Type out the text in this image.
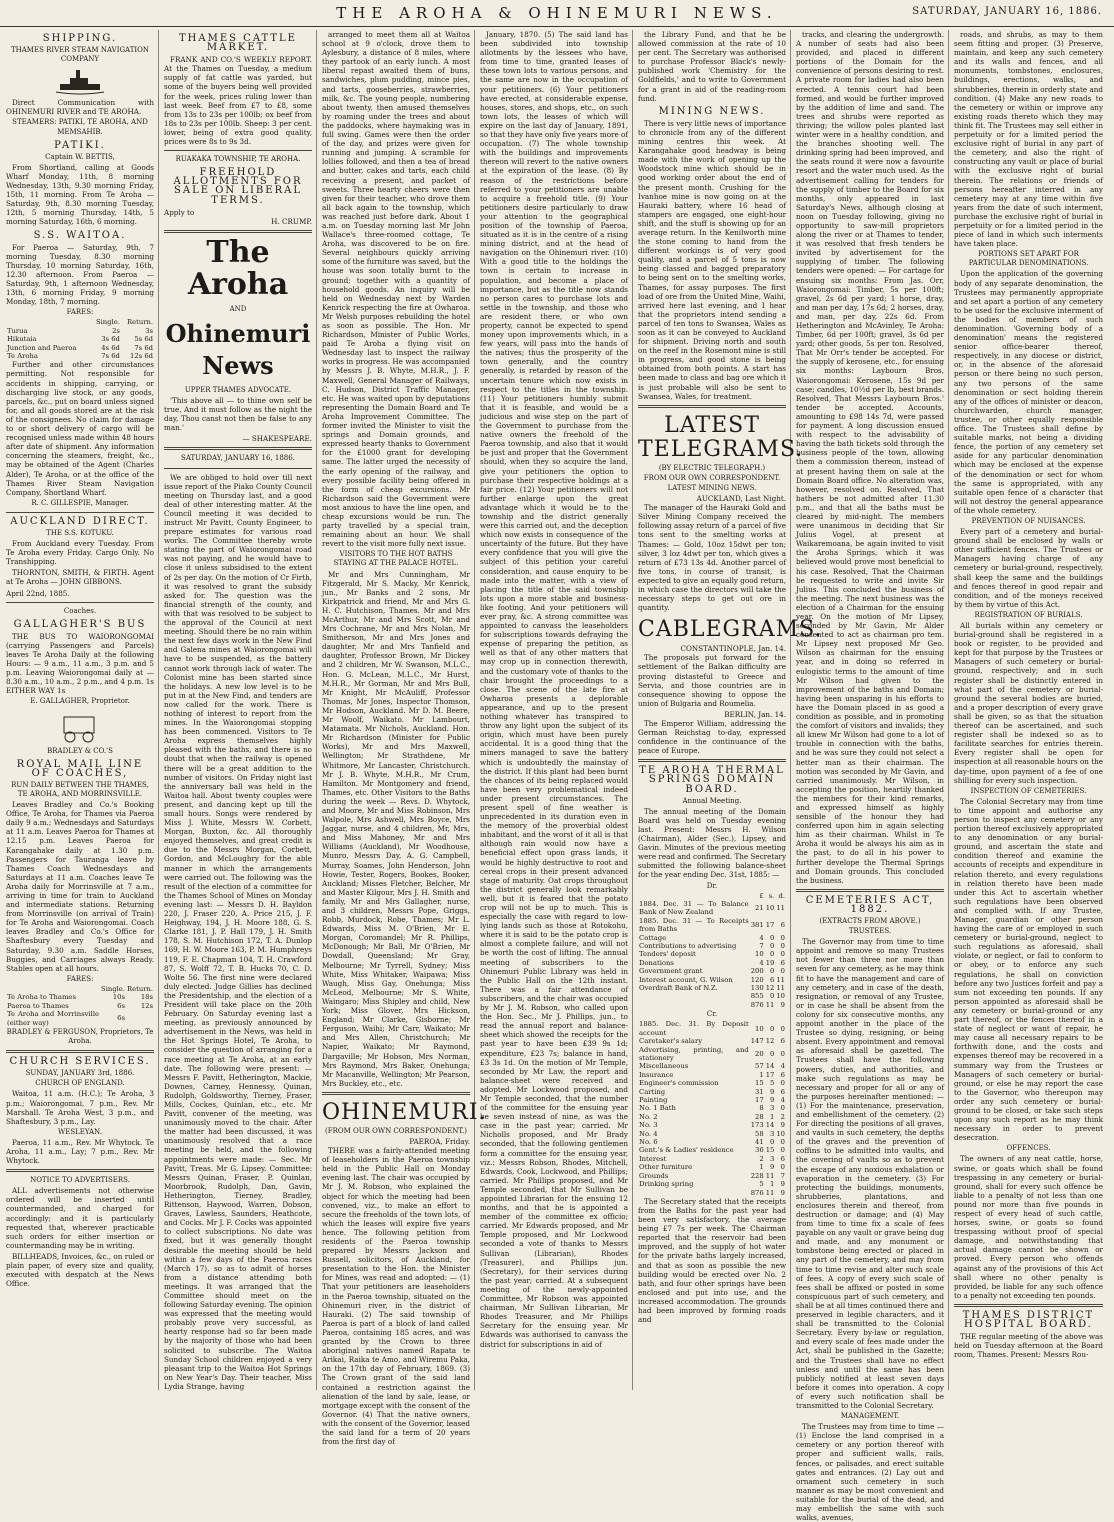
THE AROHA & OHINEMURI NEWS.	SATURDAY, JANUARY 16, 1886.
SHIPPING.
THAMES RIVER STEAM NAVIGATION COMPANY

Direct Communication with OHINEMURI RIVER and TE AROHA.

STEAMERS: PATIKI, TE AROHA, AND MEMSAHIB.
PATIKI.
Captain W. BETTIS,

From Shortland, calling at Goods Wharf Monday, 11th, 8 morning Wednesday, 13th, 9.30 morning Friday, 15th, 11 morning. From Te Aroha — Saturday, 9th, 8.30 morning Tuesday, 12th, 5 morning Thursday, 14th, 5 morning Saturday, 16th, 6 morning.

S.S. WAITOA.

For Paeroa — Saturday, 9th, 7 morning Tuesday, 8.30 morning Thursday, 10 morning Saturday, 16th, 12.30 afternoon. From Paeroa — Saturday, 9th, 1 afternoon Wednesday, 13th, 6 morning Friday, 9 morning Monday, 18th, 7 morning.

FARES:
	Single.	Return.
Turua	2s	3s
Hikutaia	3s 6d	5s 6d
Junction and Paeroa	4s 6d	7s 6d
Te Aroha	7s 6d	12s 6d

Further and other circumstances permitting. Not responsible for accidents in shipping, carrying, or discharging live stock, or any goods, parcels, &c., put on board unless signed for, and all goods stored are at the risk of the consignees. No claim for damage to or short delivery of cargo will be recognised unless made within 48 hours after date of shipment. Any information concerning the steamers, freight, &c., may be obtained of the Agent (Charles Alder), Te Aroha, or at the office of the Thames River Steam Navigation Company, Shortland Wharf.

R. C. GILLESPIE, Manager.
AUCKLAND DIRECT.
THE S.S. KOTUKU.

From Auckland every Tuesday. From Te Aroha every Friday. Cargo Only. No Transhipping.

THORNTON, SMITH, & FIRTH. Agent at Te Aroha — JOHN GIBBONS.

April 22nd, 1885.
Coaches.
GALLAGHER'S BUS

THE BUS TO WAIORONGOMAI (carrying Passengers and Parcels) leaves Te Aroha Daily at the following Hours: — 9 a.m., 11 a.m., 3 p.m. and 5 p.m. Leaving Waiorongomai daily at — 8.30 a.m., 10 a.m., 2 p.m., and 4 p.m. 1s EITHER WAY 1s

E. GALLAGHER, Proprietor.
BRADLEY & CO.'S
ROYAL MAIL LINE OF COACHES,
RUN DAILY BETWEEN THE THAMES, TE AROHA, AND MORRINSVILLE.

Leaves Bradley and Co.'s Booking Office, Te Aroha, for Thames via Paeroa daily 9 a.m.; Wednesdays and Saturdays at 11 a.m. Leaves Paeroa for Thames at 12.15 p.m. Leaves Paeroa for Karangahake daily at 1.30 p.m. Passengers for Tauranga leave by Thames Coach Wednesdays and Saturdays at 11 a.m. Coaches leave Te Aroha daily for Morrinsville at 7 a.m., arriving in time for train to Auckland and intermediate stations. Returning from Morrinsville (on arrival of Train) for Te Aroha and Waiorongomai. Coach leaves Bradley and Co.'s Office for Shaftesbury every Tuesday and Saturday, 9.30 a.m. Saddle Horses, Buggies, and Carriages always Ready. Stables open at all hours.

FARES:
	Single.	Return.
Te Aroha to Thames	10s	18s
Paeroa to Thames	6s	12s
Te Aroha and Morrinsville (either way)	6s	
BRADLEY & FERGUSON, Proprietors, Te Aroha.
CHURCH SERVICES.
SUNDAY, JANUARY 3rd, 1886.
CHURCH OF ENGLAND.

Waitoa, 11 a.m. (H.C.); Te Aroha, 3 p.m.; Waiorongomai, 7 p.m., Rev. Mr Marshall. Te Aroha West, 3 p.m., and Shaftesbury, 3 p.m., Lay.

WESLEYAN.

Paeroa, 11 a.m., Rev. Mr Whytock. Te Aroha, 11 a.m., Lay; 7 p.m., Rev. Mr Whytock.

NOTICE TO ADVERTISERS.

ALL advertisements not otherwise ordered will be inserted until countermanded, and charged for accordingly; and it is particularly requested that, wherever practicable such orders for either insertion or countermanding may be in writing.

BILLHEADS, Invoices, &c., on ruled or plain paper, of every size and quality, executed with despatch at the News Office.

THAMES CATTLE MARKET.

FRANK AND CO.'S WEEKLY REPORT. At the Thames on Tuesday, a medium supply of fat cattle was yarded, but some of the buyers being well provided for the week, prices ruling lower than last week. Beef from £7 to £8, some from 13s to 23s per 100lb; ox beef from 18s to 23s per 100lb. Sheep: 3 per cent. lower, being of extra good quality, prices were 8s to 9s 3d.

RUAKAKA TOWNSHIP, TE AROHA.
FREEHOLD ALLOTMENTS FOR SALE ON LIBERAL TERMS.
Apply to
H. CRUMP.
The Aroha
AND
Ohinemuri News
UPPER THAMES ADVOCATE.

'This above all — to thine own self be true, And it must follow as the night the day, Thou canst not then be false to any man.'

— SHAKESPEARE.
SATURDAY, JANUARY 16, 1886.

We are obliged to hold over till next issue report of the Piako County Council meeting on Thursday last, and a good deal of other interesting matter. At the Council meeting it was decided to instruct Mr Pavitt, County Engineer, to prepare estimates for various road works. The Committee thereby wrote stating the part of Waiorongomai road was not paying, and he would have to close it unless subsidised to the extent of 2s per day. On the motion of Cr Firth, it was resolved to grant the subsidy asked for. The question was the financial strength of the county, and with that was resolved to be subject to the approval of the Council at next meeting. Should there be no rain within the next few days work in the New Find and Galena mines at Waiorongomai will have to be suspended, as the battery cannot work through lack of water. The Colonist mine has been started since the holidays. A new low level is to be put in at the New Find, and tenders are now called for the work. There is nothing of interest to report from the mines. In the Waiorongomai stopping has been commenced. Visitors to Te Aroha express themselves highly pleased with the baths, and there is no doubt that when the railway is opened there will be a great addition to the number of visitors. On Friday night last the anniversary ball was held in the Waitoa hall. About twenty couples were present, and dancing kept up till the small hours. Songs were rendered by Miss J. White, Messrs W. Corbett, Morgan, Buxton, &c. All thoroughly enjoyed themselves, and great credit is due to the Messrs Morgan, Corbett, Gordon, and McLoughry for the able manner in which the arrangements were carried out. The following was the result of the election of a committee for the Thames School of Mines on Monday evening last: — Messrs D. H. Bayldon 220, J. Fraser 220, A. Price 215, J. F. Heighway, 194, J. H. Moore 188, G. S. Clarke 181, J. P. Hall 179, J. H. Smith 178, S. M. Hutchison 172, T. A. Dunlop 169, H. W. Moore 163, P. M. Humphreys 119, F. E. Chapman 104, T. H. Crawford 87, S. Wolff 72, T. B. Hucks 70, C. D. Wolte 56. The first nine were declared duly elected. Judge Gillies has declined the Presidentship, and the election of a President will take place on the 20th February. On Saturday evening last a meeting, as previously announced by advertisement in the News, was held in the Hot Springs Hotel, Te Aroha, to consider the question of arranging for a race meeting at Te Aroha, at an early date. The following were present: — Messrs F. Pavitt, Hetherington, Mackie, Downes, Carney, Hennessy, Quinan, Rudolph, Goldsworthy, Tierney, Fraser, Mills, Cockes, Quinlan, etc., etc. Mr Pavitt, convener of the meeting, was unanimously moved to the chair. After the matter had been discussed, it was unanimously resolved that a race meeting be held, and the following appointments were made: — Sec. Mr Pavitt, Treas. Mr G. Lipsey. Committee: Messrs Quinan, Fraser, P. Quinlan, Moorbrook, Rudolph, Dan, Gavin, Hetherington, Tierney, Bradley, Rittenson, Haywood, Warren, Dobson, Graves, Lawless, Saunders, Heathcote, and Cocks. Mr J. F. Cocks was appointed to collect subscriptions. No date was fixed, but it was generally thought desirable the meeting should be held within a few days of the Paeroa races (March 17), so as to admit of horses from a distance attending both meetings. It was arranged that the Committee should meet on the following Saturday evening. The opinion was expressed that the meeting would probably prove very successful, as hearty response had so far been made by the majority of those who had been solicited to subscribe. The Waitoa Sunday School children enjoyed a very pleasant trip to the Waitoa Hot Springs on New Year's Day. Their teacher, Miss Lydia Strange, having

arranged to meet them all at Waitoa school at 9 o'clock, drove them to Aylesbury, a distance of 8 miles, where they partook of an early lunch. A most liberal repast awaited them of buns, sandwiches, plum pudding, mince pies, and tarts, gooseberries, strawberries, milk, &c. The young people, numbering about twenty, then amused themselves by roaming under the trees and about the paddocks, where haymaking was in full swing. Games were then the order of the day, and prizes were given for running and jumping. A scramble for lollies followed, and then a tea of bread and butter, cakes and tarts, each child receiving a present, and packet of sweets. Three hearty cheers were then given for their teacher, who drove them all back again to the township, which was reached just before dark. About 1 a.m. on Tuesday morning last Mr John Wallace's three-roomed cottage, Te Aroha, was discovered to be on fire. Several neighbours quickly arriving some of the furniture was saved, but the house was soon totally burnt to the ground; together with a quantity of household goods. An inquiry will be held on Wednesday next by Warden Kenrick respecting the fire at Owharoa. Mr Welsh purposes rebuilding the hotel as soon as possible. The Hon. Mr Richardson, Minister of Public Works, paid Te Aroha a flying visit on Wednesday last to inspect the railway works in progress. He was accompanied by Messrs J. B. Whyte, M.H.R., J. F. Maxwell, General Manager of Railways, C. Hudson, District Traffic Manager, etc. He was waited upon by deputations representing the Domain Board and Te Aroha Improvement Committee. The former invited the Minister to visit the springs and Domain grounds, and expressed hearty thanks to Government for the £1000 grant for developing same. The latter urged the necessity of the early opening of the railway, and every possible facility being offered in the form of cheap excursions. Mr Richardson said the Government were most anxious to have the line open, and cheap excursions would be run. The party travelled by a special train, remaining about an hour. We shall revert to the visit more fully next issue.

VISITORS TO THE HOT BATHS STAYING AT THE PALACE HOTEL.

Mr and Mrs Cunningham, Mr Fitzgerald, Mr S. Macky, Mr Kenrick, jun., Mr Banks and 2 sons, Mr Kirkpatrick and friend, Mr and Mrs G. H. C. Hutchison, Thames. Mr and Mrs McArthur, Mr and Mrs Scott, Mr and Mrs Cochrane, Mr and Mrs Nolan, Mr Smitherson, Mr and Mrs Jones and daughter, Mr and Mrs Tanfield and daughter, Professor Brown, Mr Dickey and 2 children, Mr W. Swanson, M.L.C., Hon. G. McLean, M.L.C., Mr Hurst, M.H.R., Mr Gorman, Mr and Mrs Bull, Mr Knight, Mr McAuliff, Professor Thomas, Mr Jones, Inspector Thomson, Mr Hodson, Auckland. Mr D. M. Beere, Mr Woolf, Waikato. Mr Lambourt, Matamata. Mr Nichols, Auckland. Hon. Mr Richardson (Minister for Public Works), Mr and Mrs Maxwell, Wellington; Mr Strathdene, Mr Whitmore, Mr Lancaster, Christchurch. Mr J. B. Whyte, M.H.R., Mr Crum, Hamilton. Mr Montgomery and friend, Thames, etc. Other Visitors to the Baths during the week — Revs. D. Whytock, and Moore, Mr and Miss Robinson, Mrs Walpole, Mrs Ashwell, Mrs Boyce, Mrs Jaggar, nurse, and 4 children, Mr, Mrs, and Miss Mahoney, Mr and Mrs Williams (Auckland), Mr Woodhouse, Munro, Messrs Day, A. G. Campbell, Murray, Soames, John Henderson, John Howie, Tester, Rogers, Bookes, Booker, Auckland; Misses Fletcher, Belcher, Mr and Master Kilgour, Mrs J. H. Smith and family, Mr and Mrs Gallagher, nurse, and 3 children, Messrs Pope, Griggs, Robb, Murdock, Robe, Thames; Mr L. Edwards, Miss M. O'Brien, Mr E. Morgan, Coromandel; Mr R. Phillips, McDonough; Mr Ball, Mr O'Brien, Mr Dowdall, Queensland; Mr Gray, Melbourne; Mr Tyrrell, Sydney; Miss White, Miss Whitaker, Waipawa; Miss Waugh, Miss Gay, Onehunga; Miss McLeod, Melbourne; Mr S. White, Waingaro; Miss Shipley and child, New York; Miss Glover, Mrs Hickson, England; Mr Clarke, Gisborne; Mr Ferguson, Waihi; Mr Carr, Waikato; Mr and Mrs Allen, Christchurch; Mr Napier, Waikato; Mr Raymond, Dargaville; Mr Hobson, Mrs Norman, Mrs Raymond, Mrs Baker, Onehunga; Mr Macanville, Wellington; Mr Pearson, Mrs Buckley, etc., etc.

OHINEMURI.
(FROM OUR OWN CORRESPONDENT.)
PAEROA, Friday.

THERE was a fairly-attended meeting of leaseholders in the Paeroa township held in the Public Hall on Monday evening last. The chair was occupied by Mr J. M. Robson, who explained the object for which the meeting had been convened, viz., to make an effort to secure the freeholds of the town lots, of which the leases will expire five years hence. The following petition from residents of the Paeroa township prepared by Messrs Jackson and Russell, solicitors, of Auckland, for presentation to the Hon. the Minister for Mines, was read and adopted: — (1) That your petitioners are leaseholders in the Paeroa township, situated on the Ohinemuri river, in the district of Hauraki. (2) The said township of Paeroa is part of a block of land called Paeroa, containing 185 acres, and was granted by the Crown to three aboriginal natives named Rapata te Arikai, Raika te Amo, and Wiremu Paka, on the 17th day of February, 1869. (3) The Crown grant of the said land contained a restriction against the alienation of the land by sale, lease, or mortgage except with the consent of the Governor. (4) That the native owners, with the consent of the Governor, leased the said land for a term of 20 years from the first day of

January, 1870. (5) The said land has been subdivided into township allotments by the lessees who have, from time to time, granted leases of these town lots to various persons, and the same are now in the occupation of your petitioners. (6) Your petitioners have erected, at considerable expense, houses, stores, and shops, etc., on such town lots, the leases of which will expire on the last day of January, 1891, so that they have only five years more of occupation. (7) The whole township with the buildings and improvements thereon will revert to the native owners at the expiration of the lease. (8) By reason of the restrictions before referred to your petitioners are unable to acquire a freehold title. (9) Your petitioners desire particularly to draw your attention to the geographical position of the township of Paeroa, situated as it is in the centre of a rising mining district, and at the head of navigation on the Ohinemuri river. (10) With a good title to the holdings the town is certain to increase in population, and become a place of importance, but as the title now stands no person cares to purchase lots and settle in the township, and those who are resident there, or who own property, cannot be expected to spend money upon improvements which, in a few years, will pass into the hands of the natives; thus the prosperity of the town generally, and the country generally, is retarded by reason of the uncertain tenure which now exists in respect to the titles in the township. (11) Your petitioners humbly submit that it is feasible, and would be a judicious and wise step on the part of the Government to purchase from the native owners the freehold of the Paeroa township, and also that it would be just and proper that the Government should, when they so acquire the land, give your petitioners the option to purchase their respective holdings at a fair price. (12) Your petitioners will not further enlarge upon the great advantage which it would be to the township and the district generally were this carried out, and the deception which now exists in consequence of the uncertainty of the future. But they have every confidence that you will give the subject of this petition your careful consideration, and cause enquiry to be made into the matter, with a view of placing the title of the said township lots upon a more stable and business-like footing. And your petitioners will ever pray, &c. A strong committee was appointed to canvass the leaseholders for subscriptions towards defraying the expense of preparing the petition, as well as that of any other matters that may crop up in connection therewith, and the customary vote of thanks to the chair brought the proceedings to a close. The scene of the late fire at Owharoa presents a deplorable appearance, and up to the present nothing whatever has transpired to throw any light upon the subject of its origin, which must have been purely accidental. It is a good thing that the miners managed to save the battery which is undoubtedly the mainstay of the district. If this plant had been burnt the chances of its being replaced would have been very problematical indeed under present circumstances. The present spell of fine weather is unprecedented in its duration even in the memory of the proverbial oldest inhabitant, and the worst of it all is that although rain would now have a beneficial effect upon grass lands, it would be highly destructive to root and cereal crops in their present advanced stage of maturity. Oat crops throughout the district generally look remarkably well, but it is feared that the potato crop will not be up to much. This is especially the case with regard to low-lying lands such as those at Rotokohu, where it is said to be the potato crop is almost a complete failure, and will not be worth the cost of lifting. The annual meeting of subscribers to the Ohinemuri Public Library was held in the Public Hall on the 12th instant. There was a fair attendance of subscribers, and the chair was occupied by Mr J. M. Robson, who called upon the Hon. Sec., Mr J. Phillips, jun., to read the annual report and balance-sheet which showed the receipts for the past year to have been £39 9s 1d; expenditure, £23 7s; balance in hand, £3 3s 1d. On the motion of Mr Temple, seconded by Mr Law, the report and balance-sheet were received and adopted. Mr Lockwood proposed, and Mr Temple seconded, that the number of the committee for the ensuing year be seven instead of nine, as was the case in the past year; carried. Mr Nicholls proposed, and Mr Brady seconded, that the following gentlemen form a committee for the ensuing year, viz.: Messrs Robson, Rhodes, Mitchell, Edwards, Cook, Lockwood, and Phillips; carried. Mr Phillips proposed, and Mr Temple seconded, that Mr Sullivan be appointed Librarian for the ensuing 12 months, and that he is appointed a member of the committee ex officio; carried. Mr Edwards proposed, and Mr Temple proposed, and Mr Lockwood seconded a vote of thanks to Messrs Sullivan (Librarian), Rhodes (Treasurer), and Phillips jun. (Secretary), for their services during the past year; carried. At a subsequent meeting of the newly-appointed Committee, Mr Robson was appointed chairman, Mr Sullivan Librarian, Mr Rhodes Treasurer, and Mr Phillips Secretary for the ensuing year. Mr Edwards was authorised to canvass the district for subscriptions in aid of

the Library Fund, and that he be allowed commission at the rate of 10 per cent. The Secretary was authorised to purchase Professor Black's newly-published work 'Chemistry for the Goldfields,' and to write to Government for a grant in aid of the reading-room fund.

MINING NEWS.

There is very little news of importance to chronicle from any of the different mining centres this week. At Karangahake good headway is being made with the work of opening up the Woodstock mine which should be in good working order about the end of the present month. Crushing for the Ivanhoe mine is now going on at the Hauraki battery, where 16 head of stampers are engaged, one eight-hour shift, and the stuff is showing up for an average return. In the Kenilworth mine the stone coming to hand from the different workings is of very good quality, and a parcel of 5 tons is now being classed and bagged preparatory to being sent on to the smelting works, Thames, for assay purposes. The first load of ore from the United Mine, Waihi, arrived here last evening, and I hear that the proprietors intend sending a parcel of ten tons to Swansea, Wales as soon as it can be conveyed to Auckland for shipment. Driving north and south on the reef in the Rosemont mine is still in progress, and good stone is being obtained from both points. A start has been made to class and bag ore which it is just probable will also be sent to Swansea, Wales, for treatment.

LATEST TELEGRAMS.
(BY ELECTRIC TELEGRAPH.)
FROM OUR OWN CORRESPONDENT.
LATEST MINING NEWS.
AUCKLAND, Last Night.

The manager of the Hauraki Gold and Silver Mining Company received the following assay return of a parcel of five tons sent to the smelting works at Thames: — Gold, 10oz 15dwt per ton; silver, 3 loz 4dwt per ton, which gives a return of £73 13s 4d. Another parcel of five tons, in course of transit, is expected to give an equally good return, in which case the directors will take the necessary steps to get out ore in quantity.

CABLEGRAMS.
CONSTANTINOPLE, Jan. 14.

The proposals put forward for the settlement of the Balkan difficulty are proving distasteful to Greece and Servia, and those countries are in consequence showing to oppose the union of Bulgaria and Roumelia.

BERLIN, Jan. 14.

The Emperor William, addressing the German Reichstag to-day, expressed confidence in the continuance of the peace of Europe.

TE AROHA THERMAL SPRINGS DOMAIN BOARD.
Annual Meeting.

The annual meeting of the Domain Board was held on Tuesday evening last. Present: Messrs H. Wilson (Chairman), Alder (Sec.), Lipsey, and Gavin. Minutes of the previous meeting were read and confirmed. The Secretary submitted the following balance-sheet for the year ending Dec. 31st, 1885: —

Dr.
	£	s.	d.
1884. Dec. 31 — To Balance Bank of New Zealand	21	10	11
1885. Dec. 31 — To Receipts from Baths	381	17	6
Cottage	4	0	0
Contributions to advertising	7	0	0
Tenders' deposit	10	0	0
Donations	4	19	6
Government grant	200	0	0
Interest account, G. Wilson	120	6	11
Overdraft Bank of N.Z.	130	12	11
	855	0	10
	876	11	9
Cr.
1885. Dec. 31. By Deposit account	10	0	0
Caretaker's salary	147	12	6
Advertising, printing, and stationery	20	0	0
Miscellaneous	57	14	4
Insurance	1	17	6
Engineer's commission	15	5	0
Carting	31	9	6
Painting	17	9	4
No. 1 Bath	8	3	0
No. 2	28	1	2
No. 3	173	14	9
No. 4	58	3	10
No. 6	41	0	0
Gent.'s & Ladies' residence	36	15	0
Interest	2	3	6
Other furniture	1	9	0
Grounds	228	11	7
Drinking spring	5	1	9
	876	11	9

The Secretary stated that the receipts from the Baths for the past year had been very satisfactory, the average being £7 7s per week. The Chairman reported that the reservoir had been improved, and the supply of hot water for the private baths largely increased, and that as soon as possible the new building would be erected over No. 2 bath, and four other springs have been enclosed and put into use, and the increased accommodation. The grounds had been improved by forming roads and

tracks, and clearing the undergrowth. A number of seats had also been provided, and placed in different portions of the Domain for the convenience of persons desiring to rest. A private room for ladies had also been erected. A tennis court had been formed, and would be further improved by the addition of lime and sand. The trees and shrubs were reported as thriving; the willow poles planted last winter were in a healthy condition, and the branches shooting well. The drinking spring had been improved, and the seats round it were now a favourite resort and the water much used. As the advertisement calling for tenders for the supply of timber to the Board for six months, only appeared in last Saturday's News, although closing at noon on Tuesday following, giving no opportunity to saw-mill proprietors along the river or at Thames to tender, it was resolved that fresh tenders be invited by advertisement for the supplying of timber. The following tenders were opened: — For cartage for ensuing six months: From Jas. Orr, Waiorongomai: Timber, 5s per 100ft; gravel, 2s 6d per yard; 1 horse, dray, and man per day, 17s 6d; 2 horses, dray, and man, per day, 22s 6d. From Hetherington and McAvinley, Te Aroha: Timber, 6d per 100ft; gravel, 3s 6d per yard; other goods, 5s per ton. Resolved, That Mr Orr's tender be accepted. For the supply of kerosene, etc., for ensuing six months: Laybourn Bros, Waiorongomai: Kerosene, 15s 9d per case; candles, 10½d per lb, best brands. Resolved, That Messrs Laybourn Bros.' tender be accepted. Accounts, amounting to £98 14s 7d, were passed for payment. A long discussion ensued with respect to the advisability of having the bath tickets sold through the business people of the town, allowing them a commission thereon, instead of at present having them on sale at the Domain Board office. No alteration was, however, resolved on. Resolved, That bathers be not admitted after 11.30 p.m., and that all the baths must be cleared by mid-night. The members were unanimous in deciding that Sir Julius Vogel, at present at Waikaremoana, be again invited to visit the Aroha Springs, which it was believed would prove most beneficial to his case. Resolved, That the Chairman be requested to write and invite Sir Julius. This concluded the business of the meeting. The next business was the election of a Chairman for the ensuing year. On the motion of Mr Lipsey, seconded by Mr Gavin, Mr Alder consented to act as chairman pro tem. Mr Lipsey next proposed Mr Geo. Wilson as chairman for the ensuing year, and in doing so referred in eulogistic terms to the amount of time Mr Wilson had given to the improvement of the baths and Domain; having been unsparing in his efforts to have the Domain placed in as good a condition as possible, and in promoting the comfort of visitors and invalids; they all knew Mr Wilson had gone to a lot of trouble in connection with the baths, and he was sure they could not select a better man as their chairman. The motion was seconded by Mr Gavin, and carried unanimously. Mr Wilson, in accepting the position, heartily thanked the members for their kind remarks, and expressed himself as highly sensible of the honour they had conferred upon him in again selecting him as their chairman. Whilst in Te Aroha it would be always his aim as in the past, to do all in his power to further develope the Thermal Springs and Domain grounds. This concluded the business.

CEMETERIES ACT, 1882.
(EXTRACTS FROM ABOVE.)
TRUSTEES.

The Governor may from time to time appoint and remove so many Trustees not fewer than three nor more than seven for any cemetery, as he may think fit to have the management and care of any cemetery, and in case of the death, resignation, or removal of any Trustee, or in case he shall be absent from the colony for six consecutive months, any appoint another in the place of the Trustee so dying, resigning, or being absent. Every appointment and removal as aforesaid shall be gazetted. The Trustees shall have the following powers, duties, and authorities, and make such regulations as may be necessary and proper for all or any of the purposes hereinafter mentioned: — (1) For the maintenance, preservation, and embellishment of the cemetery. (2) For directing the positions of all graves, and vaults in such cemetery, the depths of the graves and the prevention of coffins to be admitted into vaults, and the covering of vaults so as to prevent the escape of any noxious exhalation or evaporation in the cemetery. (3) For protecting the buildings, monuments, shrubberies, plantations, and enclosures therein and thereof, from destruction or damage; and (4) May from time to time fix a scale of fees payable on any vault or grave being dug and made, and any monument or tombstone being erected or placed in any part of the cemetery, and may from time to time revise and alter such scale of fees. A copy of every such scale of fees shall be affixed or posted in some conspicuous part of such cemetery, and shall be at all times continued there and preserved in legible characters, and it shall be transmitted to the Colonial Secretary. Every by-law or regulation, and every scale of fees made under the Act, shall be published in the Gazette; and the Trustees shall have no effect unless and until the same has been publicly notified at least seven days before it comes into operation. A copy of every such notification shall be transmitted to the Colonial Secretary.

MANAGEMENT.

The Trustees may from time to time — (1) Enclose the land comprised in a cemetery or any portion thereof with proper and sufficient walls, rails, fences, or palisades, and erect suitable gates and entrances. (2) Lay out and ornament such cemetery in such manner as may be most convenient and suitable for the burial of the dead, and may embellish the same with such walks, avenues,

roads, and shrubs, as may to them seem fitting and proper. (3) Preserve, maintain, and keep any such cemetery and its walls and fences, and all monuments, tombstones, enclosures, buildings, erections, walks, and shrubberies, therein in orderly state and condition. (4) Make any new roads to the cemetery or within or improve any existing roads thereto which they may think fit. The Trustees may sell either in perpetuity or for a limited period the exclusive right of burial in any part of the cemetery, and also the right of constructing any vault or place of burial with the exclusive right of burial therein. The relations or friends of persons hereafter interred in any cemetery may at any time within five years from the date of such interment, purchase the exclusive right of burial in perpetuity or for a limited period in the piece of land in which such interments have taken place.

PORTIONS SET APART FOR PARTICULAR DENOMINATIONS.

Upon the application of the governing body of any separate denomination, the Trustees may permanently appropriate and set apart a portion of any cemetery to be used for the exclusive interment of the bodies of members of such denomination. 'Governing body of a denomination' means the registered senior office-bearer thereof, respectively, in any diocese or district, or, in the absence of the aforesaid person or there being no such person, any two persons of the same denomination or sect holding therein any of the offices of minister or deacon, churchwarden, church manager, trustee, or other equally responsible office. The Trustees shall define by suitable marks, not being a dividing fence, the portion of any cemetery set aside for any particular denomination which may be enclosed at the expense of the denomination or sect for whom the same is appropriated, with any suitable open fence of a character that will not destroy the general appearance of the whole cemetery.

PREVENTION OF NUISANCES.

Every part of a cemetery and burial-ground shall be enclosed by walls or other sufficient fences. The Trustees or Managers having charge of any cemetery or burial-ground, respectively, shall keep the same and the buildings and fences thereof in good repair and condition, and of the moneys received by them by virtue of this Act.

REGISTRATION OF BURIALS.

All burials within any cemetery or burial-ground shall be registered in a book or register, to be provided and kept for that purpose by the Trustees or Managers of such cemetery or burial-ground, respectively; and in such register shall be distinctly entered in what part of the cemetery or burial-ground the several bodies are buried, and a proper description of every grave shall be given, so as that the situation thereof can be ascertained, and such register shall be indexed so as to facilitate searches for entries therein. Every register shall be open for inspection at all reasonable hours on the day-time, upon payment of a fee of one shilling for every such inspection.

INSPECTION OF CEMETERIES.

The Colonial Secretary may from time to time appoint and authorise any person to inspect any cemetery or any portion thereof exclusively appropriated to any denomination or any burial-ground, and ascertain the state and condition thereof and examine the accounts of receipts and expenditure in relation thereto, and every regulations in relation thereto have been made under this Act to ascertain whether such regulations have been observed and complied with. If any Trustee, Manager, guardian or other person having the care of or employed in such cemetery or burial-ground, neglect to such regulations as aforesaid, shall violate, or neglect, or fail to conform to or obey, or to enforce any such regulations, he shall on conviction before any two Justices forfeit and pay a sum not exceeding ten pounds. If any person appointed as aforesaid shall be any cemetery or burial-ground or any part thereof, or the fences thereof in a state of neglect or want of repair, he may cause all necessary repairs to be forthwith done, and the costs and expenses thereof may be recovered in a summary way from the Trustees or Managers of such cemetery or burial-ground, or else he may report the case to the Governor, who thereupon may order any such cemetery or burial-ground to be closed, or take such steps upon any such report as he may think necessary in order to prevent desecration.

OFFENCES.

The owners of any neat cattle, horse, swine, or goats which shall be found trespassing in any cemetery or burial-ground, shall for every such offence be liable to a penalty of not less than one pound nor more than five pounds in respect of every head of such cattle, horses, swine, or goats so found trespassing without proof of special damage, and notwithstanding that actual damage cannot be shown or proved. Every person who offends against any of the provisions of this Act shall where no other penalty is provided, be liable for any such offence to a penalty not exceeding ten pounds.

THAMES DISTRICT HOSPITAL BOARD.

THE regular meeting of the above was held on Tuesday afternoon at the Board room, Thames. Present: Messrs Rou-
